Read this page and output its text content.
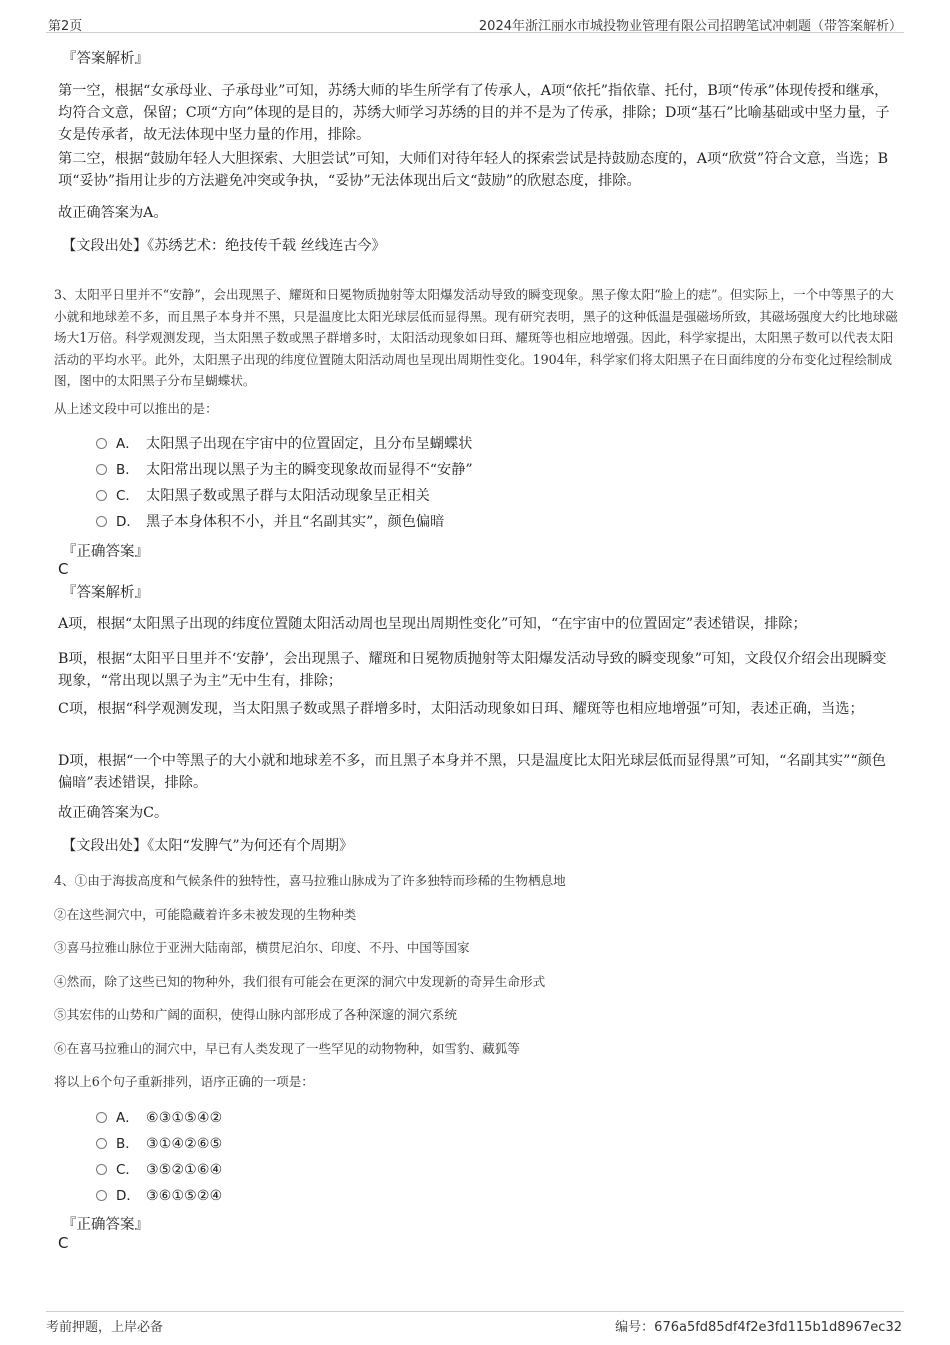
第2页	2024年浙江丽水市城投物业管理有限公司招聘笔试冲刺题（带答案解析）
『答案解析』
第一空，根据“女承母业、子承母业”可知，苏绣大师的毕生所学有了传承人，A项“依托”指依靠、托付，B项“传承”体现传授和继承，均符合文意，保留；C项“方向”体现的是目的，苏绣大师学习苏绣的目的并不是为了传承，排除；D项“基石”比喻基础或中坚力量，子女是传承者，故无法体现中坚力量的作用，排除。
第二空，根据“鼓励年轻人大胆探索、大胆尝试”可知，大师们对待年轻人的探索尝试是持鼓励态度的，A项“欣赏”符合文意，当选；B项“妥协”指用让步的方法避免冲突或争执，“妥协”无法体现出后文“鼓励”的欣慰态度，排除。
故正确答案为A。
【文段出处】《苏绣艺术：绝技传千载 丝线连古今》
3、太阳平日里并不“安静”，会出现黑子、耀斑和日冕物质抛射等太阳爆发活动导致的瞬变现象。黑子像太阳“脸上的痣”。但实际上，一个中等黑子的大小就和地球差不多，而且黑子本身并不黑，只是温度比太阳光球层低而显得黑。现有研究表明，黑子的这种低温是强磁场所致，其磁场强度大约比地球磁场大1万倍。科学观测发现，当太阳黑子数或黑子群增多时，太阳活动现象如日珥、耀斑等也相应地增强。因此，科学家提出，太阳黑子数可以代表太阳活动的平均水平。此外，太阳黑子出现的纬度位置随太阳活动周也呈现出周期性变化。1904年，科学家们将太阳黑子在日面纬度的分布变化过程绘制成图，图中的太阳黑子分布呈蝴蝶状。
从上述文段中可以推出的是：
A． 太阳黑子出现在宇宙中的位置固定，且分布呈蝴蝶状
B． 太阳常出现以黑子为主的瞬变现象故而显得不“安静”
C． 太阳黑子数或黑子群与太阳活动现象呈正相关
D． 黑子本身体积不小，并且“名副其实”，颜色偏暗
『正确答案』
C
『答案解析』
A项，根据“太阳黑子出现的纬度位置随太阳活动周也呈现出周期性变化”可知，“在宇宙中的位置固定”表述错误，排除；
B项，根据“太阳平日里并不‘安静’，会出现黑子、耀斑和日冕物质抛射等太阳爆发活动导致的瞬变现象”可知，文段仅介绍会出现瞬变现象，“常出现以黑子为主”无中生有，排除；
C项，根据“科学观测发现，当太阳黑子数或黑子群增多时，太阳活动现象如日珥、耀斑等也相应地增强”可知，表述正确，当选；
D项，根据“一个中等黑子的大小就和地球差不多，而且黑子本身并不黑，只是温度比太阳光球层低而显得黑”可知，“名副其实”“颜色偏暗”表述错误，排除。
故正确答案为C。
【文段出处】《太阳“发脾气”为何还有个周期》
4、①由于海拔高度和气候条件的独特性，喜马拉雅山脉成为了许多独特而珍稀的生物栖息地
②在这些洞穴中，可能隐藏着许多未被发现的生物种类
③喜马拉雅山脉位于亚洲大陆南部，横贯尼泊尔、印度、不丹、中国等国家
④然而，除了这些已知的物种外，我们很有可能会在更深的洞穴中发现新的奇异生命形式
⑤其宏伟的山势和广阔的面积，使得山脉内部形成了各种深邃的洞穴系统
⑥在喜马拉雅山的洞穴中，早已有人类发现了一些罕见的动物物种，如雪豹、藏狐等
将以上6个句子重新排列，语序正确的一项是：
A． ⑥③①⑤④②
B． ③①④②⑥⑤
C． ③⑤②①⑥④
D． ③⑥①⑤②④
『正确答案』
C
考前押题，上岸必备	编号：676a5fd85df4f2e3fd115b1d8967ec32
